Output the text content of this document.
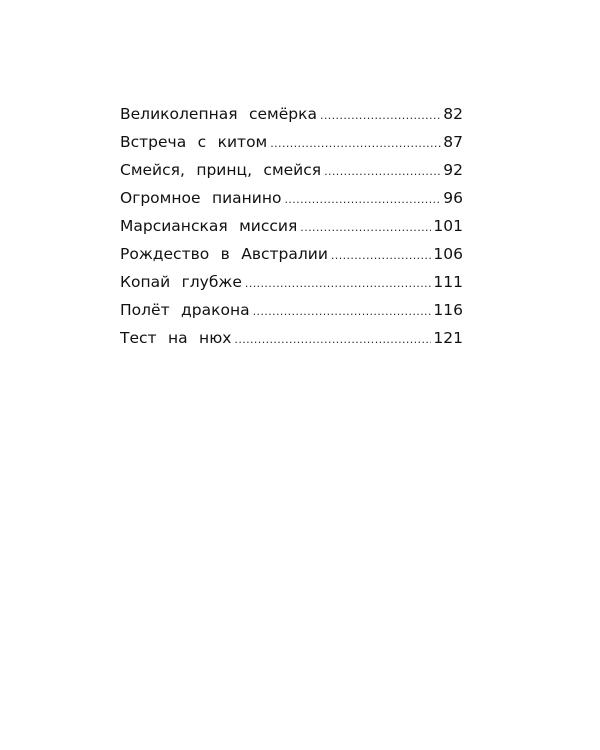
Великолепная семёрка .....	82
Встреча с китом .....	87
Смейся, принц, смейся .....	92
Огромное пианино .....	96
Марсианская миссия .....	101
Рождество в Австралии .....	106
Копай глубже .....	111
Полёт дракона .....	116
Тест на нюх .....	121
